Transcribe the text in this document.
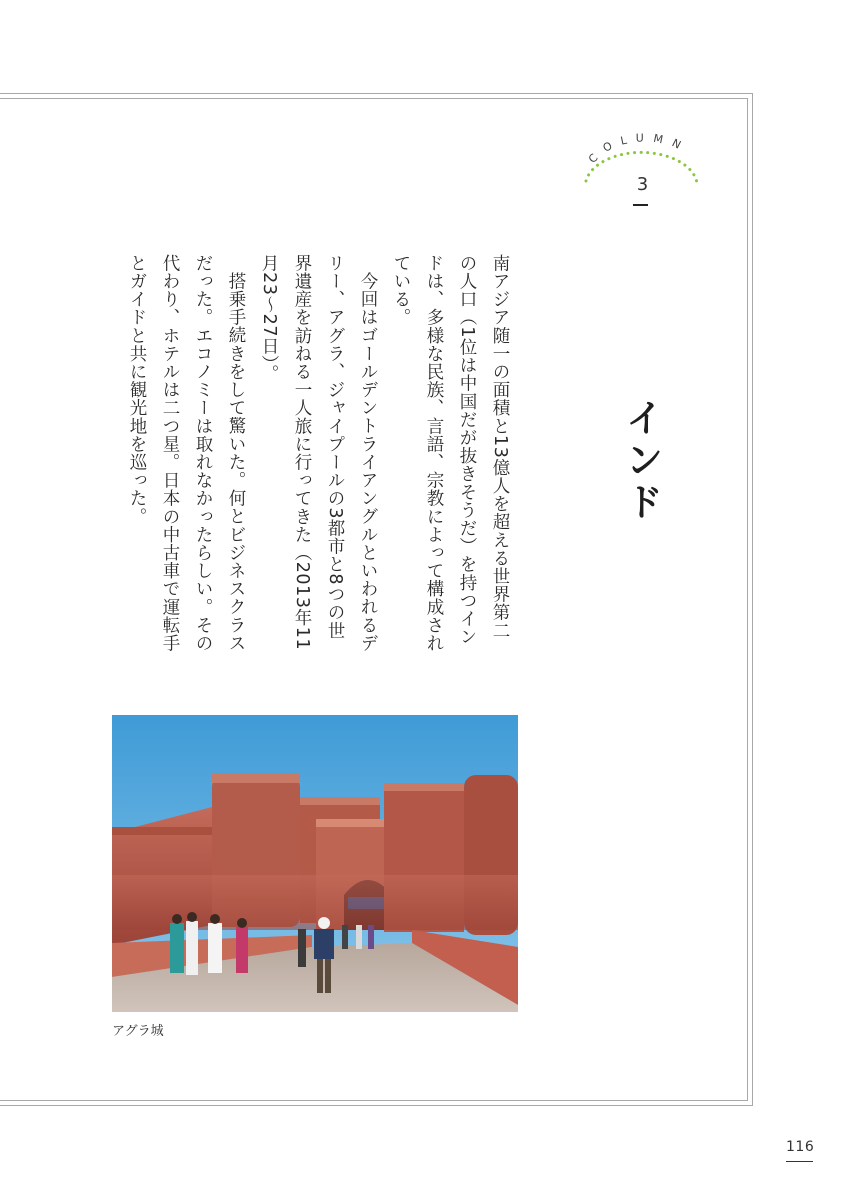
COLUMN
3
インド

南アジア随一の面積と13億人を超える世界第二の人口（1位は中国だが抜きそうだ）を持つインドは、多様な民族、言語、宗教によって構成されている。

今回はゴールデントライアングルといわれるデリー、アグラ、ジャイプールの3都市と8つの世界遺産を訪ねる一人旅に行ってきた（2013年11月23〜27日）。

搭乗手続きをして驚いた。何とビジネスクラスだった。エコノミーは取れなかったらしい。その代わり、ホテルは二つ星。日本の中古車で運転手とガイドと共に観光地を巡った。

アグラ城
116
